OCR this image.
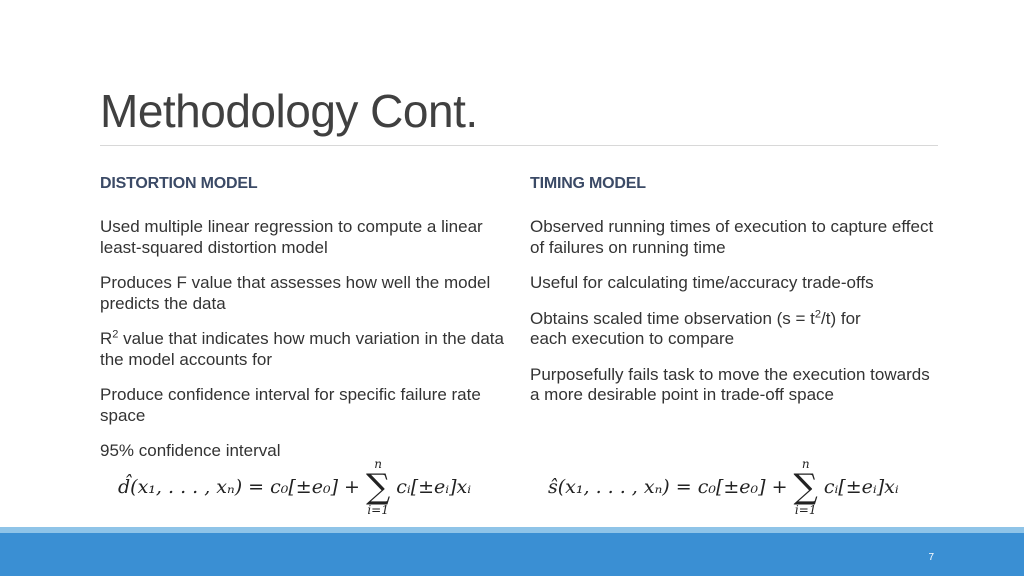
Methodology Cont.
DISTORTION MODEL
Used multiple linear regression to compute a linear least-squared distortion model
Produces F value that assesses how well the model predicts the data
$R^2$ value that indicates how much variation in the data the model accounts for
Produce confidence interval for specific failure rate space
95% confidence interval
TIMING MODEL
Observed running times of execution to capture effect of failures on running time
Useful for calculating time/accuracy trade-offs
Obtains scaled time observation $(s = t^2/t)$ for
each execution to compare
Purposefully fails task to move the execution towards a more desirable point in trade-off space
d̂(x₁, . . . , xₙ) = c₀[±e₀] +
n
∑
i=1
cᵢ[±eᵢ]xᵢ	ŝ(x₁, . . . , xₙ) = c₀[±e₀] +
n
∑
i=1
cᵢ[±eᵢ]xᵢ
7
